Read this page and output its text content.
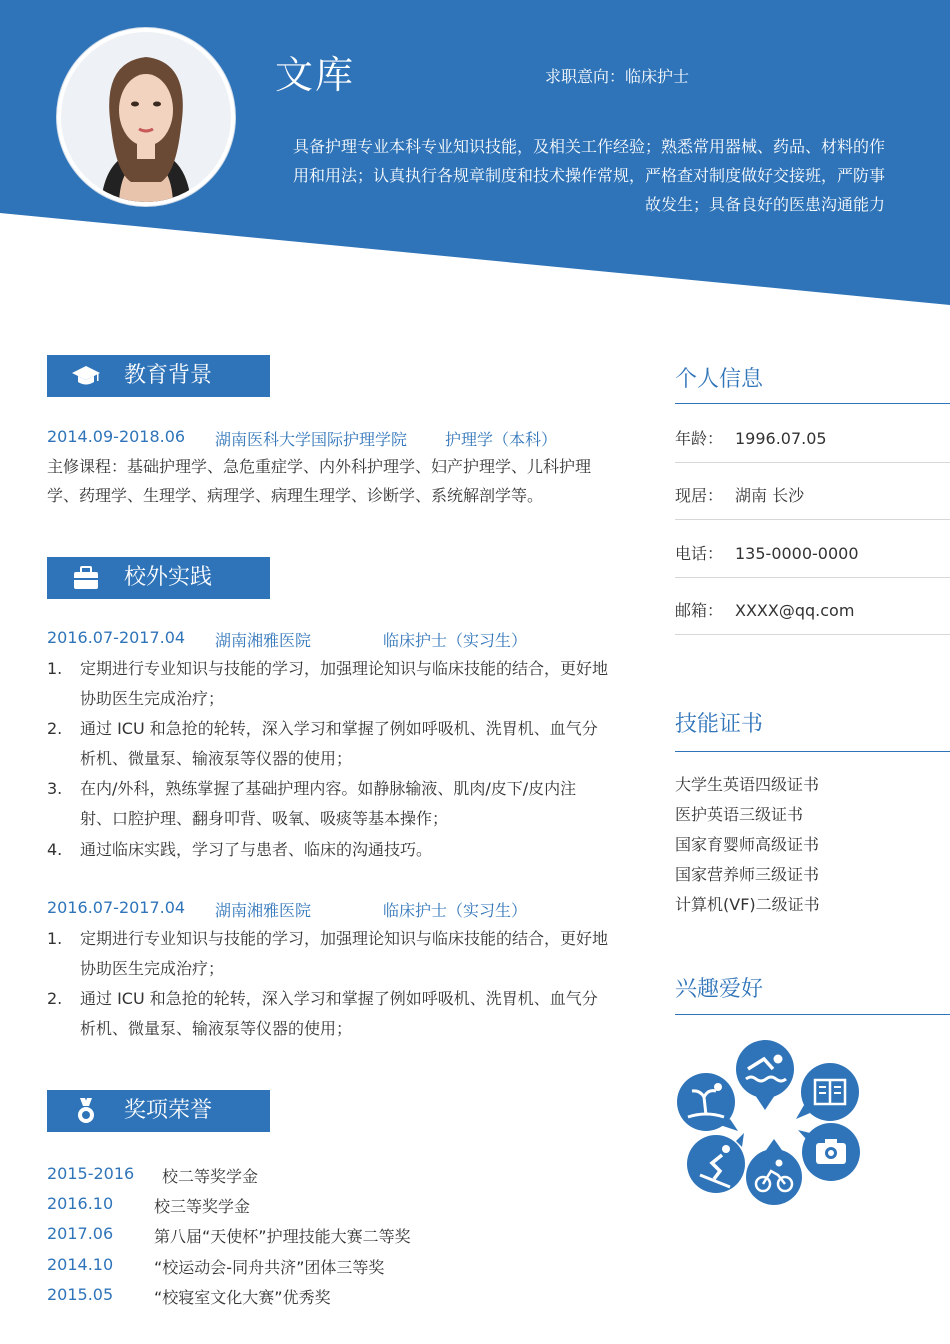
文库	求职意向：临床护士
具备护理专业本科专业知识技能，及相关工作经验；熟悉常用器械、药品、材料的作用和用法；认真执行各规章制度和技术操作常规，严格查对制度做好交接班，严防事故发生；具备良好的医患沟通能力
教育背景
2014.09-2018.06 湖南医科大学国际护理学院 护理学（本科）
主修课程：基础护理学、急危重症学、内外科护理学、妇产护理学、儿科护理学、药理学、生理学、病理学、病理生理学、诊断学、系统解剖学等。
校外实践
2016.07-2017.04 湖南湘雅医院	临床护士（实习生）
1. 定期进行专业知识与技能的学习，加强理论知识与临床技能的结合，更好地协助医生完成治疗；
2. 通过 ICU 和急抢的轮转，深入学习和掌握了例如呼吸机、洗胃机、血气分析机、微量泵、输液泵等仪器的使用；
3. 在内/外科，熟练掌握了基础护理内容。如静脉输液、肌肉/皮下/皮内注射、口腔护理、翻身叩背、吸氧、吸痰等基本操作；
4. 通过临床实践，学习了与患者、临床的沟通技巧。
2016.07-2017.04 湖南湘雅医院	临床护士（实习生）
1. 定期进行专业知识与技能的学习，加强理论知识与临床技能的结合，更好地协助医生完成治疗；
2. 通过 ICU 和急抢的轮转，深入学习和掌握了例如呼吸机、洗胃机、血气分析机、微量泵、输液泵等仪器的使用；
奖项荣誉
2015-2016 校二等奖学金
2016.10	校三等奖学金
2017.06	第八届“天使杯”护理技能大赛二等奖
2014.10	“校运动会-同舟共济”团体三等奖
2015.05	“校寝室文化大赛”优秀奖
个人信息
年龄： 1996.07.05
现居： 湖南 长沙
电话： 135-0000-0000
邮箱： XXXX@qq.com
技能证书
大学生英语四级证书
医护英语三级证书
国家育婴师高级证书
国家营养师三级证书
计算机(VF)二级证书
兴趣爱好
